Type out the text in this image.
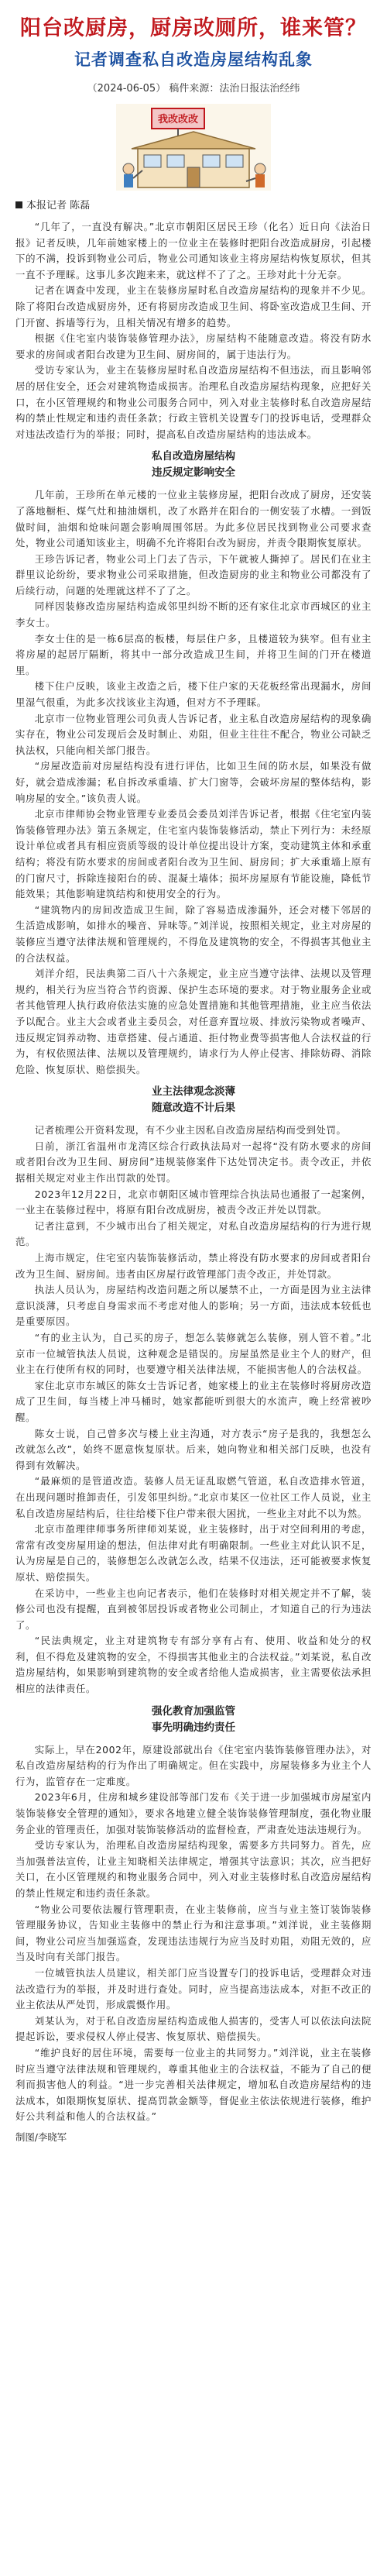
阳台改厨房，厨房改厕所，谁来管？
记者调查私自改造房屋结构乱象
（2024-06-05） 稿件来源：法治日报法治经纬
我改改改
本报记者 陈磊

“几年了，一直没有解决。”北京市朝阳区居民王珍（化名）近日向《法治日报》记者反映，几年前她家楼上的一位业主在装修时把阳台改造成厨房，引起楼下的不满，投诉到物业公司后，物业公司通知该业主将房屋结构恢复原状，但其一直不予理睬。这事儿多次跑来来，就这样不了了之。王珍对此十分无奈。

记者在调查中发现，业主在装修房屋时私自改造房屋结构的现象并不少见。除了将阳台改造成厨房外，还有将厨房改造成卫生间、将卧室改造成卫生间、开门开窗、拆墙等行为，且相关情况有增多的趋势。

根据《住宅室内装饰装修管理办法》，房屋结构不能随意改造。将没有防水要求的房间或者阳台改建为卫生间、厨房间的，属于违法行为。

受访专家认为，业主在装修房屋时私自改造房屋结构不但违法，而且影响邻居的居住安全，还会对建筑物造成损害。治理私自改造房屋结构现象，应把好关口，在小区管理规约和物业公司服务合同中，列入对业主装修时私自改造房屋结构的禁止性规定和违约责任条款；行政主管机关设置专门的投诉电话，受理群众对违法改造行为的举报；同时，提高私自改造房屋结构的违法成本。

私自改造房屋结构
违反规定影响安全

几年前，王珍所在单元楼的一位业主装修房屋，把阳台改成了厨房，还安装了落地橱柜、煤气灶和抽油烟机，改了水路并在阳台的一侧安装了水槽。一到饭做时间，油烟和炝味问题会影响周围邻居。为此多位居民找到物业公司要求查处，物业公司通知该业主，明确不允许将阳台改为厨房，并责令限期恢复原状。

王珍告诉记者，物业公司上门去了告示，下午就被人撕掉了。居民们在业主群里议论纷纷，要求物业公司采取措施，但改造厨房的业主和物业公司都没有了后续行动，问题的处理就这样不了了之。

同样因装修改造房屋结构造成邻里纠纷不断的还有家住北京市西城区的业主李女士。

李女士住的是一栋6层高的板楼，每层住户多，且楼道较为狭窄。但有业主将房屋的起居厅隔断，将其中一部分改造成卫生间，并将卫生间的门开在楼道里。

楼下住户反映，该业主改造之后，楼下住户家的天花板经常出现漏水，房间里湿气很重，为此多次找该业主沟通，但对方不予理睬。

北京市一位物业管理公司负责人告诉记者，业主私自改造房屋结构的现象确实存在，物业公司发现后会及时制止、劝阻，但业主往往不配合，物业公司缺乏执法权，只能向相关部门报告。

“房屋改造前对房屋结构没有进行评估，比如卫生间的防水层，如果没有做好，就会造成渗漏；私自拆改承重墙、扩大门窗等，会破坏房屋的整体结构，影响房屋的安全。”该负责人说。

北京市律师协会物业管理专业委员会委员刘洋告诉记者，根据《住宅室内装饰装修管理办法》第五条规定，住宅室内装饰装修活动，禁止下列行为：未经原设计单位或者具有相应资质等级的设计单位提出设计方案，变动建筑主体和承重结构；将没有防水要求的房间或者阳台改为卫生间、厨房间；扩大承重墙上原有的门窗尺寸，拆除连接阳台的砖、混凝土墙体；损坏房屋原有节能设施，降低节能效果；其他影响建筑结构和使用安全的行为。

“建筑物内的房间改造成卫生间，除了容易造成渗漏外，还会对楼下邻居的生活造成影响，如排水的噪音、异味等。”刘洋说，按照相关规定，业主对房屋的装修应当遵守法律法规和管理规约，不得危及建筑物的安全，不得损害其他业主的合法权益。

刘洋介绍，民法典第二百八十六条规定，业主应当遵守法律、法规以及管理规约，相关行为应当符合节约资源、保护生态环境的要求。对于物业服务企业或者其他管理人执行政府依法实施的应急处置措施和其他管理措施，业主应当依法予以配合。业主大会或者业主委员会，对任意弃置垃圾、排放污染物或者噪声、违反规定饲养动物、违章搭建、侵占通道、拒付物业费等损害他人合法权益的行为，有权依照法律、法规以及管理规约，请求行为人停止侵害、排除妨碍、消除危险、恢复原状、赔偿损失。

业主法律观念淡薄
随意改造不计后果

记者梳理公开资料发现，有不少业主因私自改造房屋结构而受到处罚。

日前，浙江省温州市龙湾区综合行政执法局对一起将“没有防水要求的房间或者阳台改为卫生间、厨房间”违规装修案件下达处罚决定书。责令改正，并依据相关规定对业主作出罚款的处罚。

2023年12月22日，北京市朝阳区城市管理综合执法局也通报了一起案例，一业主在装修过程中，将原有阳台改成厨房，被责令改正并处以罚款。

记者注意到，不少城市出台了相关规定，对私自改造房屋结构的行为进行规范。

上海市规定，住宅室内装饰装修活动，禁止将没有防水要求的房间或者阳台改为卫生间、厨房间。违者由区房屋行政管理部门责令改正，并处罚款。

执法人员认为，房屋结构改造问题之所以屡禁不止，一方面是因为业主法律意识淡薄，只考虑自身需求而不考虑对他人的影响；另一方面，违法成本较低也是重要原因。

“有的业主认为，自己买的房子，想怎么装修就怎么装修，别人管不着。”北京市一位城管执法人员说，这种观念是错误的。房屋虽然是业主个人的财产，但业主在行使所有权的同时，也要遵守相关法律法规，不能损害他人的合法权益。

家住北京市东城区的陈女士告诉记者，她家楼上的业主在装修时将厨房改造成了卫生间，每当楼上冲马桶时，她家都能听到很大的水流声，晚上经常被吵醒。

陈女士说，自己曾多次与楼上业主沟通，对方表示“房子是我的，我想怎么改就怎么改”，始终不愿意恢复原状。后来，她向物业和相关部门反映，也没有得到有效解决。

“最麻烦的是管道改造。装修人员无证乱取燃气管道，私自改造排水管道，在出现问题时推卸责任，引发邻里纠纷。”北京市某区一位社区工作人员说，业主私自改造房屋结构后，往往给楼下住户带来很大困扰，一些业主对此不以为然。

北京市盈理律师事务所律师刘某说，业主装修时，出于对空间利用的考虑，常常有改变房屋用途的想法，但法律对此有明确限制。一些业主对此认识不足，认为房屋是自己的，装修想怎么改就怎么改，结果不仅违法，还可能被要求恢复原状、赔偿损失。

在采访中，一些业主也向记者表示，他们在装修时对相关规定并不了解，装修公司也没有提醒，直到被邻居投诉或者物业公司制止，才知道自己的行为违法了。

“民法典规定，业主对建筑物专有部分享有占有、使用、收益和处分的权利，但不得危及建筑物的安全，不得损害其他业主的合法权益。”刘某说，私自改造房屋结构，如果影响到建筑物的安全或者给他人造成损害，业主需要依法承担相应的法律责任。

强化教育加强监管
事先明确违约责任

实际上，早在2002年，原建设部就出台《住宅室内装饰装修管理办法》，对私自改造房屋结构的行为作出了明确规定。但在实践中，房屋装修多为业主个人行为，监管存在一定难度。

2023年6月，住房和城乡建设部等部门发布《关于进一步加强城市房屋室内装饰装修安全管理的通知》，要求各地建立健全装饰装修管理制度，强化物业服务企业的管理责任，加强对装饰装修活动的监督检查，严肃查处违法违规行为。

受访专家认为，治理私自改造房屋结构现象，需要多方共同努力。首先，应当加强普法宣传，让业主知晓相关法律规定，增强其守法意识；其次，应当把好关口，在小区管理规约和物业服务合同中，列入对业主装修时私自改造房屋结构的禁止性规定和违约责任条款。

“物业公司要依法履行管理职责，在业主装修前，应当与业主签订装饰装修管理服务协议，告知业主装修中的禁止行为和注意事项。”刘洋说，业主装修期间，物业公司应当加强巡查，发现违法违规行为应当及时劝阻，劝阻无效的，应当及时向有关部门报告。

一位城管执法人员建议，相关部门应当设置专门的投诉电话，受理群众对违法改造行为的举报，并及时进行查处。同时，应当提高违法成本，对拒不改正的业主依法从严处罚，形成震慑作用。

刘某认为，对于私自改造房屋结构造成他人损害的，受害人可以依法向法院提起诉讼，要求侵权人停止侵害、恢复原状、赔偿损失。

“维护良好的居住环境，需要每一位业主的共同努力。”刘洋说，业主在装修时应当遵守法律法规和管理规约，尊重其他业主的合法权益，不能为了自己的便利而损害他人的利益。“进一步完善相关法律规定，增加私自改造房屋结构的违法成本，如限期恢复原状、提高罚款金额等，督促业主依法依规进行装修，维护好公共利益和他人的合法权益。”

制图/李晓军
